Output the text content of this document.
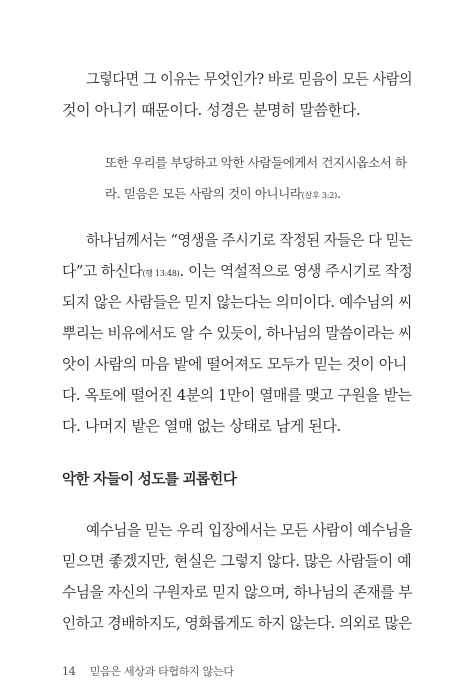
그렇다면 그 이유는 무엇인가? 바로 믿음이 모든 사람의
것이 아니기 때문이다. 성경은 분명히 말씀한다.
또한 우리를 부당하고 악한 사람들에게서 건지시옵소서 하
라. 믿음은 모든 사람의 것이 아니니라(살후 3:2).
하나님께서는 “영생을 주시기로 작정된 자들은 다 믿는
다”고 하신다(행 13:48). 이는 역설적으로 영생 주시기로 작정
되지 않은 사람들은 믿지 않는다는 의미이다. 예수님의 씨
뿌리는 비유에서도 알 수 있듯이, 하나님의 말씀이라는 씨
앗이 사람의 마음 밭에 떨어져도 모두가 믿는 것이 아니
다. 옥토에 떨어진 4분의 1만이 열매를 맺고 구원을 받는
다. 나머지 밭은 열매 없는 상태로 남게 된다.
악한 자들이 성도를 괴롭힌다
예수님을 믿는 우리 입장에서는 모든 사람이 예수님을
믿으면 좋겠지만, 현실은 그렇지 않다. 많은 사람들이 예
수님을 자신의 구원자로 믿지 않으며, 하나님의 존재를 부
인하고 경배하지도, 영화롭게도 하지 않는다. 의외로 많은
14 믿음은 세상과 타협하지 않는다
